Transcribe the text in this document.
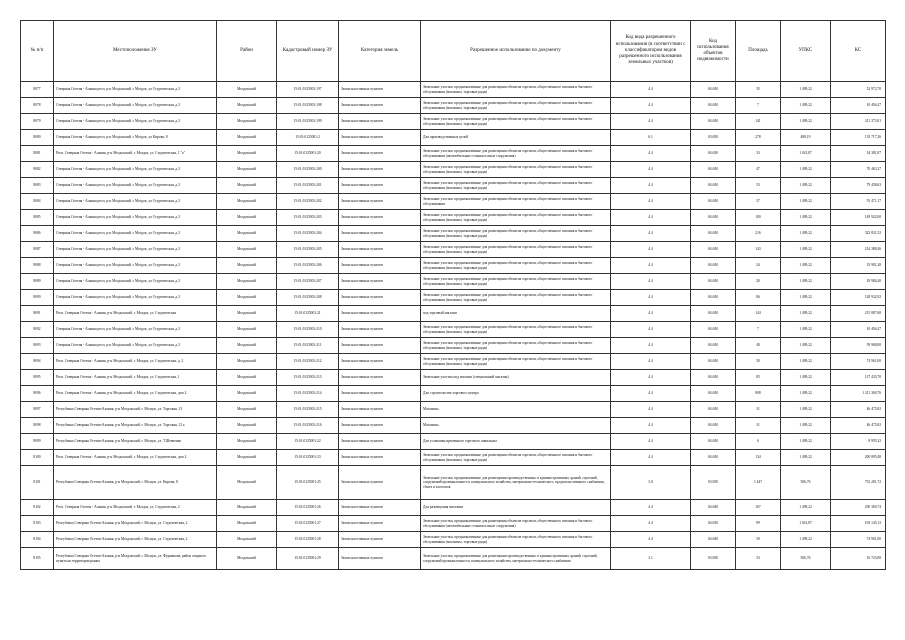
№ п/п	Местоположение ЗУ	Район	Кадастровый номер ЗУ	Категория земель	Разрешенное использование по документу	Код вида разрешенного использования (в соответствии с классификатором видов разрешенного использования земельных участков)	Код использования объектов недвижимости	Площадь	УПКС	КС
8077	Северная Осетия - Алания респ, р-н Моздокский, г Моздок, ул Студенческая, д 2	Моздокский	15:01:0125001:197	Земли населенных пунктов	Земельные участки, предназначенные для размещения объектов торговли, общественного питания и бытового обслуживания (магазины, торговые ряды)	4.4	04:040	35	1 499,22	52 972,70
8078	Северная Осетия - Алания респ, р-н Моздокский, г Моздок, ул Студенческая, д 2	Моздокский	15:01:0125001:198	Земли населенных пунктов	Земельные участки, предназначенные для размещения объектов торговли, общественного питания и бытового обслуживания (магазины, торговые ряды)	4.4	04:040	7	1 499,22	10 494,47
8079	Северная Осетия - Алания респ, р-н Моздокский, г Моздок, ул Студенческая, д 2	Моздокский	15:01:0125001:199	Земли населенных пунктов	Земельные участки, предназначенные для размещения объектов торговли, общественного питания и бытового обслуживания (магазины, торговые ряды)	4.4	04:040	141	1 499,22	211 373,01
8080	Северная Осетия - Алания респ, р-н Моздокский, г Моздок, ул Кирова, 8	Моздокский	15:01:0125001:2	Земли населенных пунктов	Для производственных целей	6.1	03:050	278	488,19	135 717,26
8081	Респ. Северная Осетия - Алания, р-н Моздокский, г. Моздок, ул. Студенческая, 1 "а"	Моздокский	15:01:0125001:20	Земли населенных пунктов	Земельные участки, предназначенные для размещения объектов торговли, общественного питания и бытового обслуживания (автомобильные стоянки и иные сооружения)	4.4	04:030	33	1 041,87	34 381,87
8082	Северная Осетия - Алания респ, р-н Моздокский, г Моздок, ул Студенческая, д 2	Моздокский	15:01:0125001:200	Земли населенных пунктов	Земельные участки, предназначенные для размещения объектов торговли, общественного питания и бытового обслуживания (магазины, торговые ряды)	4.4	04:040	47	1 499,22	70 463,37
8083	Северная Осетия - Алания респ, р-н Моздокский, г Моздок, ул Студенческая, д 2	Моздокский	15:01:0125001:201	Земли населенных пунктов	Земельные участки, предназначенные для размещения объектов торговли, общественного питания и бытового обслуживания (магазины, торговые ряды)	4.4	04:040	53	1 499,22	79 458,63
8084	Северная Осетия - Алания респ, р-н Моздокский, г Моздок, ул Студенческая, д 2	Моздокский	15:01:0125001:202	Земли населенных пунктов	Земельные участки, предназначенные для размещения объектов торговли, общественного питания и бытового обслуживания	4.4	04:040	37	1 499,22	55 471,17
8085	Северная Осетия - Алания респ, р-н Моздокский, г Моздок, ул Студенческая, д 2	Моздокский	15:01:0125001:203	Земли населенных пунктов	Земельные участки, предназначенные для размещения объектов торговли, общественного питания и бытового обслуживания (магазины, торговые ряды)	4.4	04:040	100	1 499,22	149 922,00
8086	Северная Осетия - Алания респ, р-н Моздокский, г Моздок, ул Студенческая, д 2	Моздокский	15:01:0125001:204	Земли населенных пунктов	Земельные участки, предназначенные для размещения объектов торговли, общественного питания и бытового обслуживания (магазины, торговые ряды)	4.4	04:040	216	1 499,22	323 831,52
8087	Северная Осетия - Алания респ, р-н Моздокский, г Моздок, ул Студенческая, д 2	Моздокский	15:01:0125001:205	Земли населенных пунктов	Земельные участки, предназначенные для размещения объектов торговли, общественного питания и бытового обслуживания (магазины, торговые ряды)	4.4	04:040	143	1 499,22	214 388,46
8088	Северная Осетия - Алания респ, р-н Моздокский, г Моздок, ул Студенческая, д 2	Моздокский	15:01:0125001:206	Земли населенных пунктов	Земельные участки, предназначенные для размещения объектов торговли, общественного питания и бытового обслуживания (магазины, торговые ряды)	4.4	04:040	24	1 499,22	35 981,28
8089	Северная Осетия - Алания респ, р-н Моздокский, г Моздок, ул Студенческая, д 2	Моздокский	15:01:0125001:207	Земли населенных пунктов	Земельные участки, предназначенные для размещения объектов торговли, общественного питания и бытового обслуживания (магазины, торговые ряды)	4.4	04:040	20	1 499,22	29 984,40
8090	Северная Осетия - Алания респ, р-н Моздокский, г Моздок, ул Студенческая, д 2	Моздокский	15:01:0125001:208	Земли населенных пунктов	Земельные участки, предназначенные для размещения объектов торговли, общественного питания и бытового обслуживания (магазины, торговые ряды)	4.4	04:040	86	1 499,22	128 932,92
8091	Респ. Северная Осетия - Алания, р-н Моздокский, г. Моздок, ул. Студенческая	Моздокский	15:01:0125001:21	Земли населенных пунктов	под торговый магазин	4.4	04:040	144	1 499,22	215 887,68
8092	Северная Осетия - Алания респ, р-н Моздокский, г Моздок, ул Студенческая, д 2	Моздокский	15:01:0125001:210	Земли населенных пунктов	Земельные участки, предназначенные для размещения объектов торговли, общественного питания и бытового обслуживания (магазины, торговые ряды)	4.4	04:040	7	1 499,22	10 494,47
8093	Северная Осетия - Алания респ, р-н Моздокский, г Моздок, ул Студенческая, д 2	Моздокский	15:01:0125001:211	Земли населенных пунктов	Земельные участки, предназначенные для размещения объектов торговли, общественного питания и бытового обслуживания (магазины, торговые ряды)	4.4	04:040	40	1 499,22	59 968,80
8094	Респ. Северная Осетия - Алания, р-н Моздокский, г. Моздок, ул. Студенческая, д. 2	Моздокский	15:01:0125001:212	Земли населенных пунктов	Земельные участки, предназначенные для размещения объектов торговли, общественного питания и бытового обслуживания (магазины, торговые ряды)	4.4	04:040	50	1 499,22	74 961,00
8095	Респ. Северная Осетия - Алания, р-н Моздокский, г. Моздок, ул. Студенческая, 1	Моздокский	15:01:0125001:213	Земли населенных пунктов	Земельные участки под магазин (специальный магазин)	4.4	04:040	85	1 499,22	127 433,70
8096	Респ. Северная Осетия - Алания, р-н Моздокский, г. Моздок, ул. Студенческая, дом 2	Моздокский	15:01:0125001:214	Земли населенных пунктов	Для строительства торгового центра	4.4	04:040	808	1 499,22	1 211 369,76
8097	Республика Северная Осетия-Алания, р-н Моздокский, г. Моздок, ул. Торговая, 13	Моздокский	15:01:0125001:215	Земли населенных пунктов	Магазины	4.4	04:040	31	1 499,22	46 475,82
8098	Республика Северная Осетия-Алания, р-н Моздокский, г. Моздок, ул. Торговая, 12 а	Моздокский	15:01:0125001:216	Земли населенных пунктов	Магазины	4.4	04:040	31	1 499,22	46 475,82
8099	Республика Северная Осетия-Алания, р-н Моздокский, г. Моздок, ул. Т.Шевченко	Моздокский	15:01:0125001:22	Земли населенных пунктов	Для установки временного торгового павильона	4.4	04:040	6	1 499,22	8 995,32
8100	Респ. Северная Осетия - Алания, р-н Моздокский, г. Моздок, ул. Студенческая, дом 2	Моздокский	15:01:0125001:23	Земли населенных пунктов	Земельные участки, предназначенные для размещения объектов торговли, общественного питания и бытового обслуживания (магазины, торговые ряды)	4.4	04:040	134	1 499,22	200 895,48
8101	Республика Северная Осетия-Алания, р-н Моздокский, г. Моздок, ул. Кирова, 8	Моздокский	15:01:0125001:25	Земли населенных пунктов	Земельные участки, предназначенные для размещения производственных и административных зданий, строений, сооружений промышленности, коммунального хозяйства, материально-технического, продовольственного снабжения, сбыта и заготовок	3.0	03:050	1 447	506,76	733 281,72
8102	Респ. Северная Осетия - Алания, р-н Моздокский, г. Моздок, ул. Студенческая, 2	Моздокский	15:01:0125001:26	Земли населенных пунктов	Для размещения магазина	4.4	04:040	167	1 499,22	250 369,74
8103	Республика Северная Осетия-Алания, р-н Моздокский, г. Моздок, ул. Студенческая, 2	Моздокский	15:01:0125001:27	Земли населенных пунктов	Земельные участки, предназначенные для размещения объектов торговли, общественного питания и бытового обслуживания (автомобильные стоянки и иные сооружения)	4.4	04:030	99	1 041,87	103 145,13
8104	Республика Северная Осетия-Алания, р-н Моздокский, г. Моздок, ул. Студенческая, 2	Моздокский	15:01:0125001:28	Земли населенных пунктов	Земельные участки, предназначенные для размещения объектов торговли, общественного питания и бытового обслуживания (магазины, торговые ряды)	4.4	04:040	50	1 499,22	74 961,00
8105	Республика Северная Осетия-Алания, р-н Моздокский, г. Моздок, ул. Фурманова, район опорного пункта на территории рынка	Моздокский	15:01:0125001:29	Земли населенных пунктов	Земельные участки, предназначенные для размещения производственных и административных зданий, строений, сооружений промышленности, коммунального хозяйства, материально-технического снабжения	3.1	03:050	33	506,76	16 723,08
